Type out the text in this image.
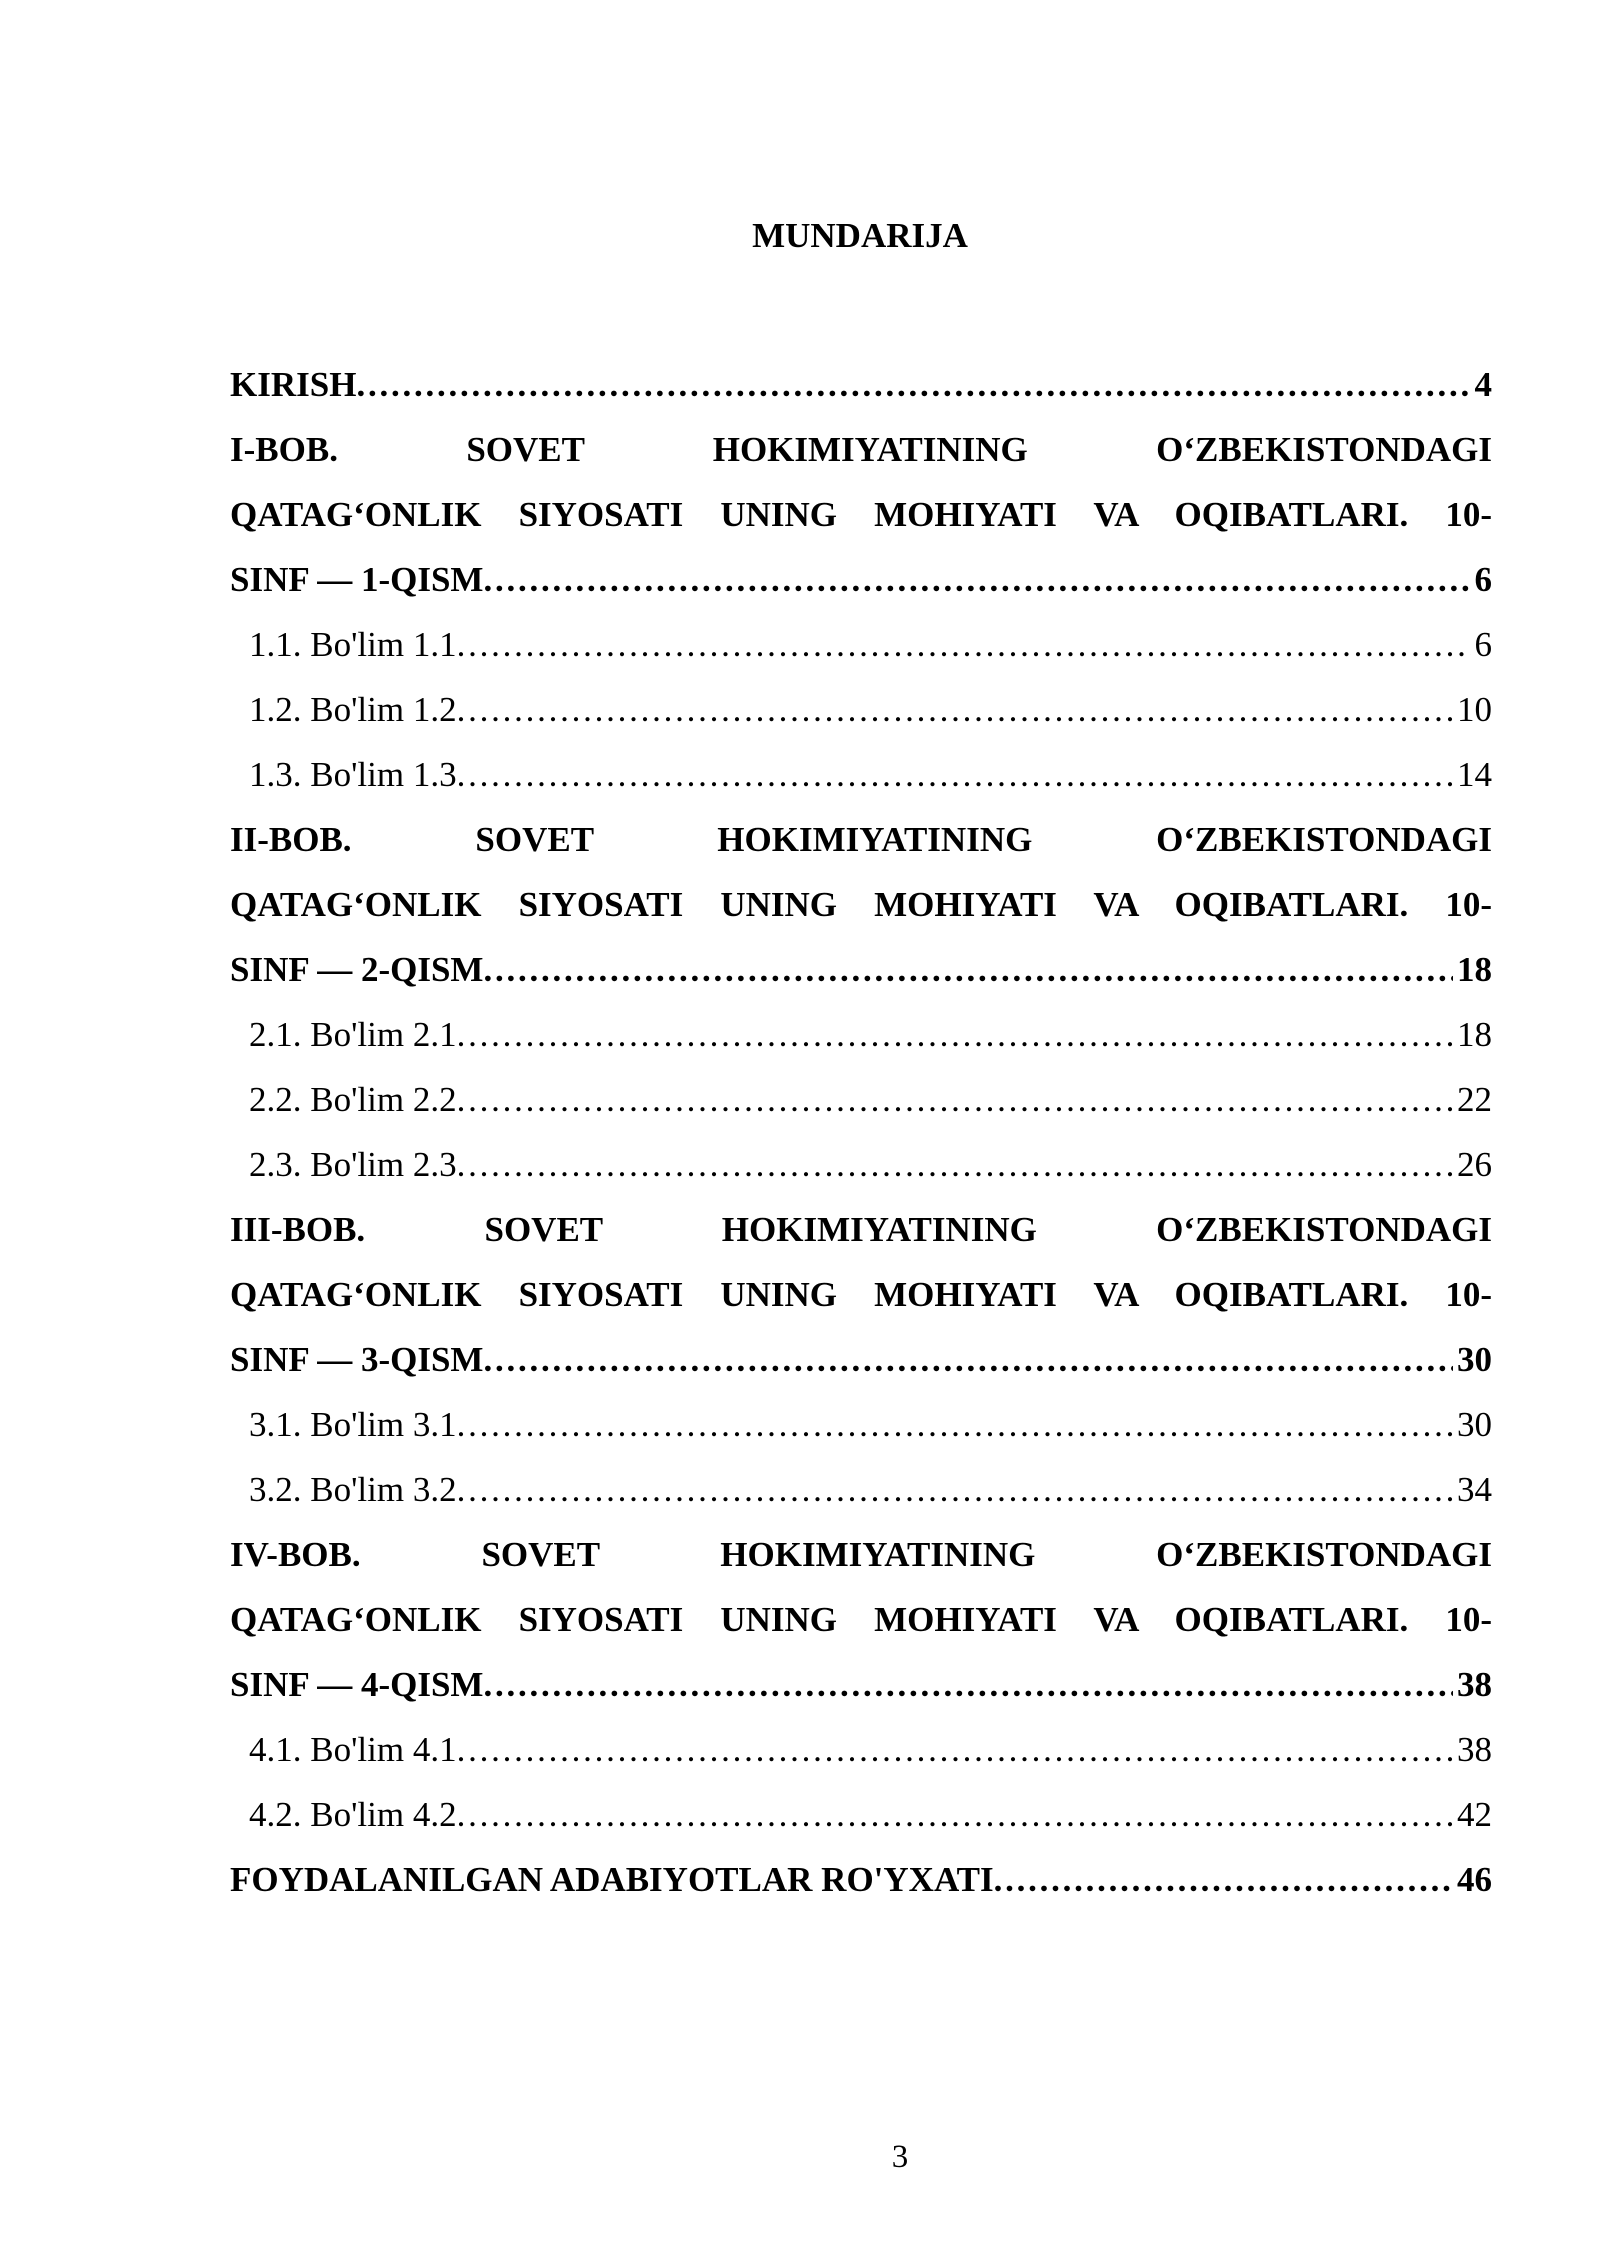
MUNDARIJA
KIRISH . . .	4
I-BOB. SOVET HOKIMIYATINING O‘ZBEKISTONDAGI
QATAG‘ONLIK SIYOSATI UNING MOHIYATI VA OQIBATLARI. 10-
SINF — 1-QISM . . .	6
1.1. Bo'lim 1.1 . . .	6
1.2. Bo'lim 1.2 . . .	10
1.3. Bo'lim 1.3 . . .	14
II-BOB. SOVET HOKIMIYATINING O‘ZBEKISTONDAGI
QATAG‘ONLIK SIYOSATI UNING MOHIYATI VA OQIBATLARI. 10-
SINF — 2-QISM . . .	18
2.1. Bo'lim 2.1 . . .	18
2.2. Bo'lim 2.2 . . .	22
2.3. Bo'lim 2.3 . . .	26
III-BOB. SOVET HOKIMIYATINING O‘ZBEKISTONDAGI
QATAG‘ONLIK SIYOSATI UNING MOHIYATI VA OQIBATLARI. 10-
SINF — 3-QISM . . .	30
3.1. Bo'lim 3.1 . . .	30
3.2. Bo'lim 3.2 . . .	34
IV-BOB. SOVET HOKIMIYATINING O‘ZBEKISTONDAGI
QATAG‘ONLIK SIYOSATI UNING MOHIYATI VA OQIBATLARI. 10-
SINF — 4-QISM . . .	38
4.1. Bo'lim 4.1 . . .	38
4.2. Bo'lim 4.2 . . .	42
FOYDALANILGAN ADABIYOTLAR RO'YXATI . . .	46
3
